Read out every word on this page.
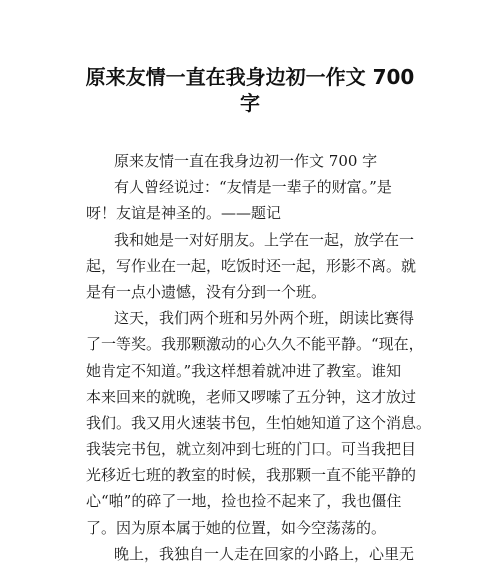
原来友情一直在我身边初一作文 700
字
原来友情一直在我身边初一作文 700 字
有人曾经说过：“友情是一辈子的财富。”是
呀！友谊是神圣的。——题记
我和她是一对好朋友。上学在一起，放学在一
起，写作业在一起，吃饭时还一起，形影不离。就
是有一点小遗憾，没有分到一个班。
这天，我们两个班和另外两个班，朗读比赛得
了一等奖。我那颗激动的心久久不能平静。“现在，
她肯定不知道。”我这样想着就冲进了教室。谁知
本来回来的就晚，老师又啰嗦了五分钟，这才放过
我们。我又用火速装书包，生怕她知道了这个消息。
我装完书包，就立刻冲到七班的门口。可当我把目
光移近七班的教室的时候，我那颗一直不能平静的
心“啪”的碎了一地，捡也捡不起来了，我也僵住
了。因为原本属于她的位置，如今空荡荡的。
晚上，我独自一人走在回家的小路上，心里无
